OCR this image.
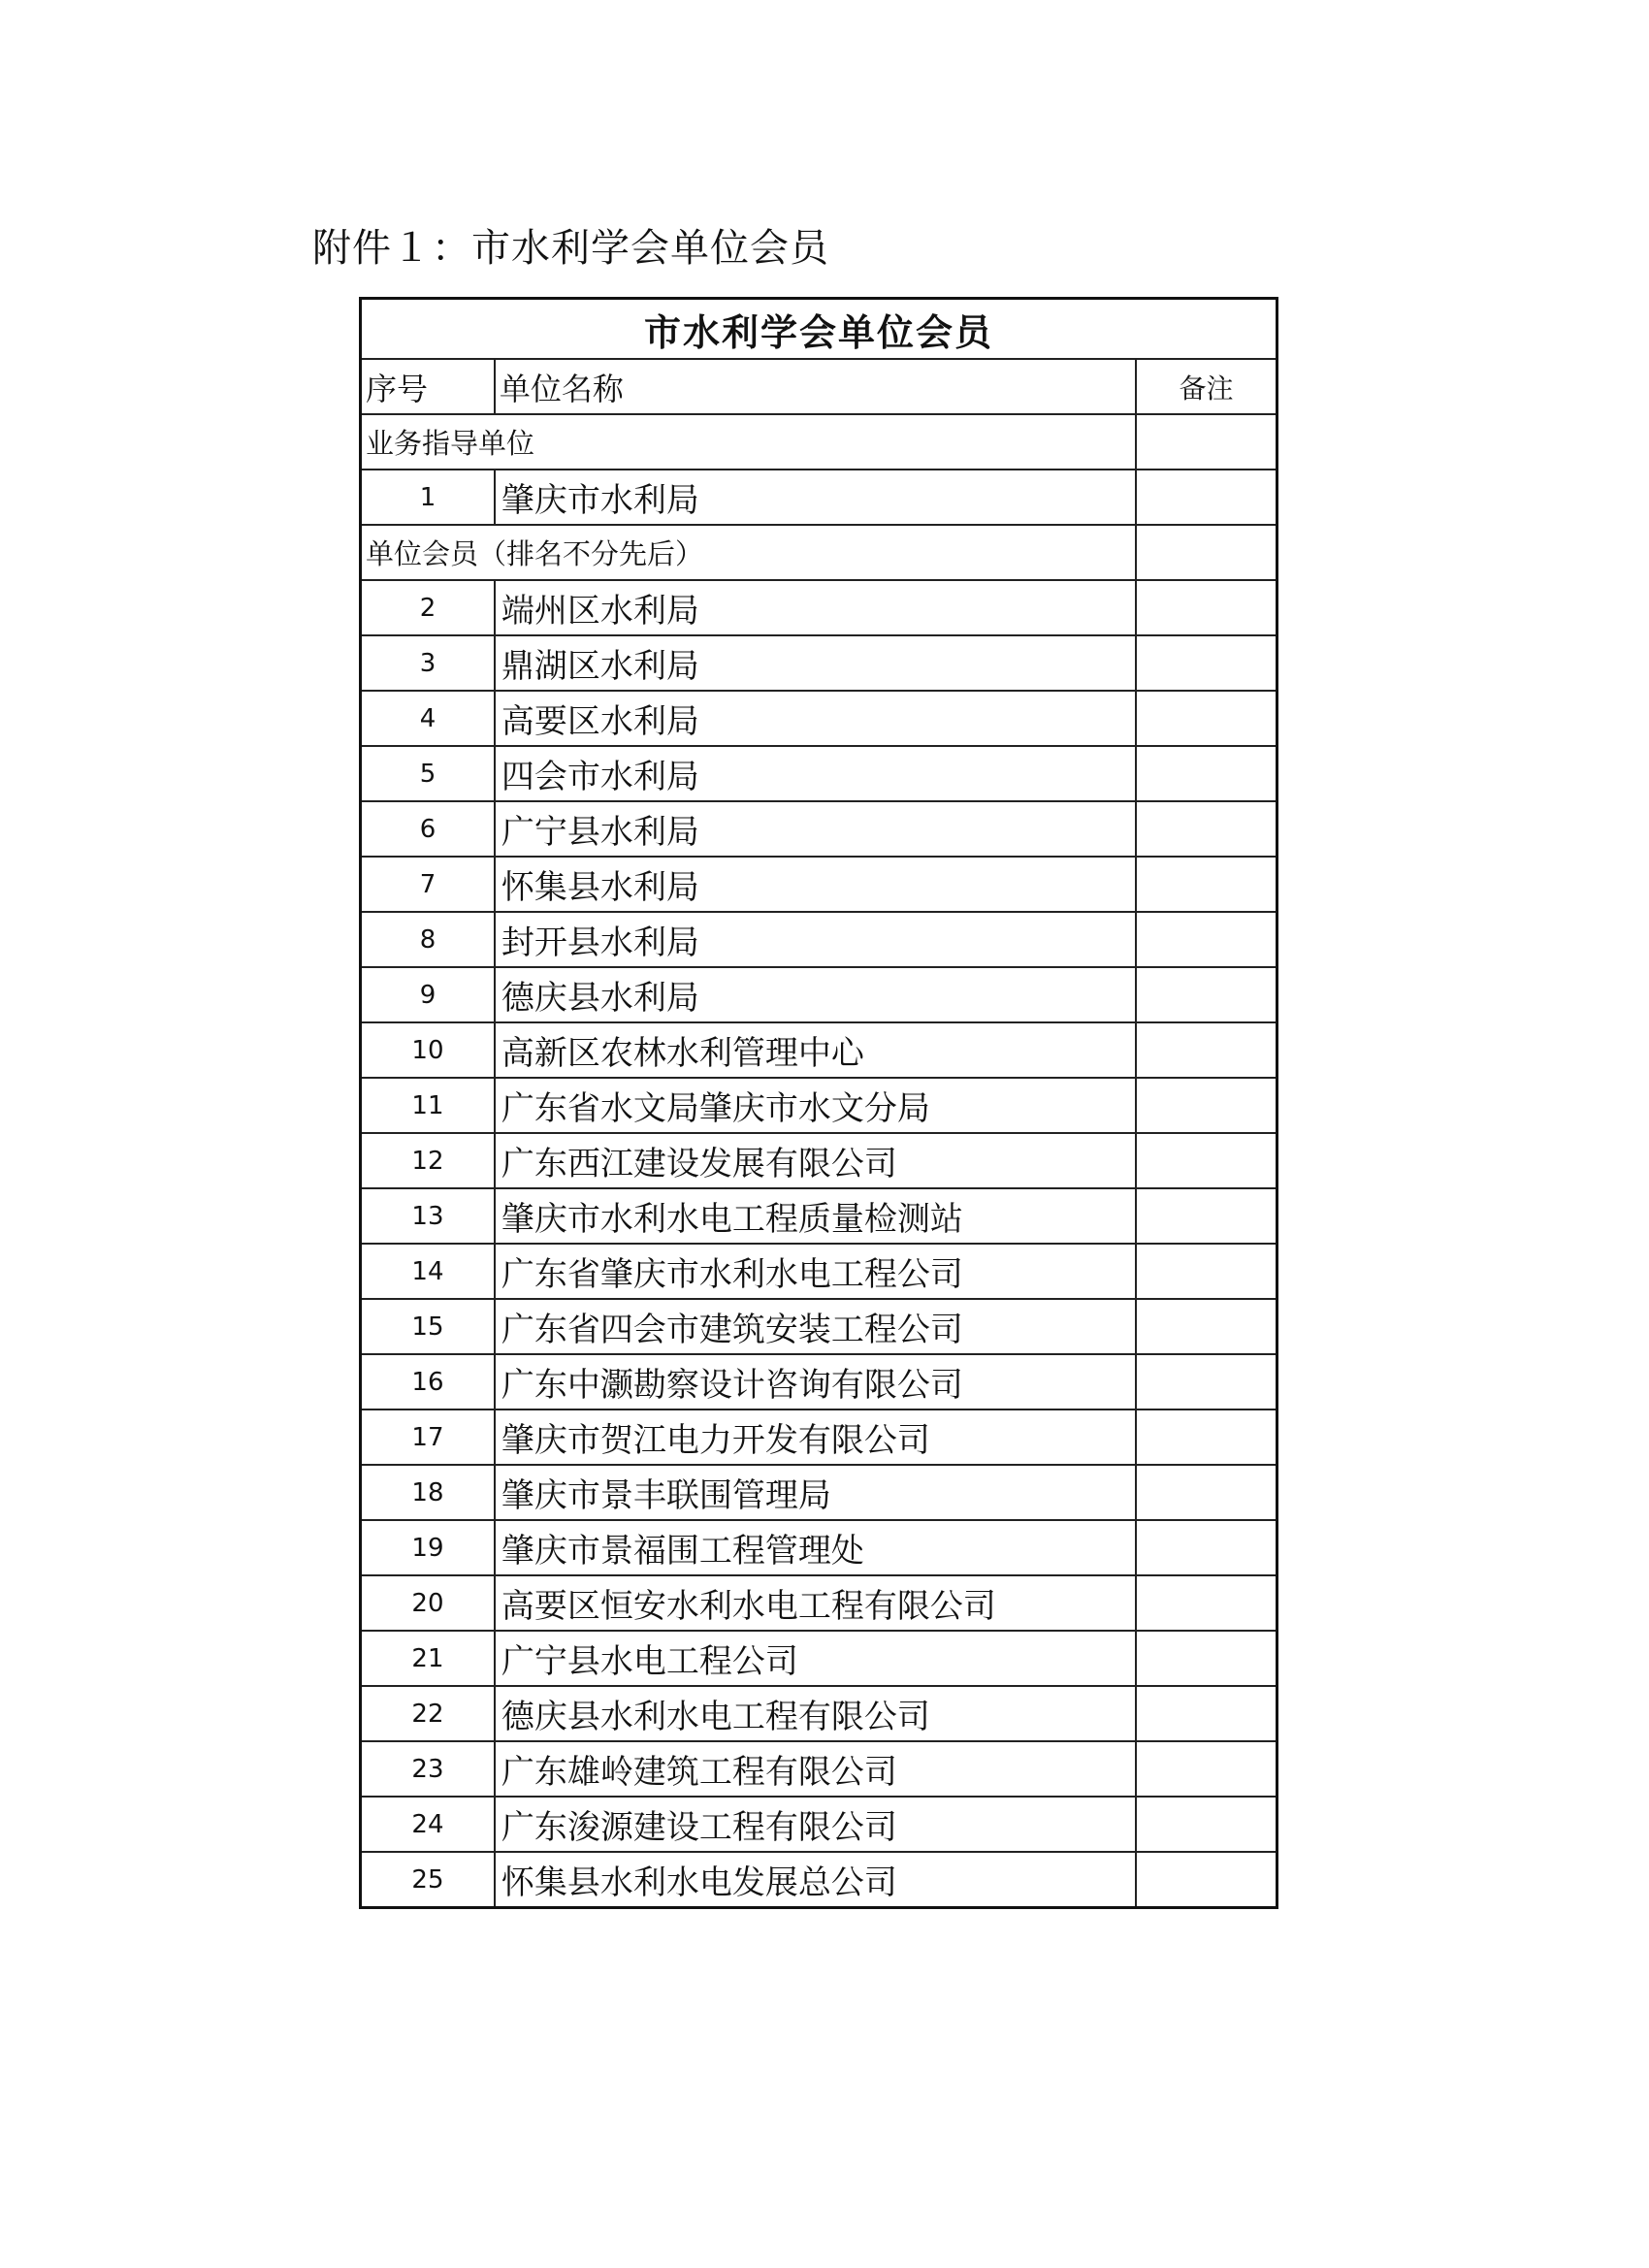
附件１：市水利学会单位会员
市水利学会单位会员		
序号	单位名称	备注
业务指导单位		
1	肇庆市水利局	
单位会员（排名不分先后）		
2	端州区水利局	
3	鼎湖区水利局	
4	高要区水利局	
5	四会市水利局	
6	广宁县水利局	
7	怀集县水利局	
8	封开县水利局	
9	德庆县水利局	
10	高新区农林水利管理中心	
11	广东省水文局肇庆市水文分局	
12	广东西江建设发展有限公司	
13	肇庆市水利水电工程质量检测站	
14	广东省肇庆市水利水电工程公司	
15	广东省四会市建筑安装工程公司	
16	广东中灏勘察设计咨询有限公司	
17	肇庆市贺江电力开发有限公司	
18	肇庆市景丰联围管理局	
19	肇庆市景福围工程管理处	
20	高要区恒安水利水电工程有限公司	
21	广宁县水电工程公司	
22	德庆县水利水电工程有限公司	
23	广东雄岭建筑工程有限公司	
24	广东浚源建设工程有限公司	
25	怀集县水利水电发展总公司	
